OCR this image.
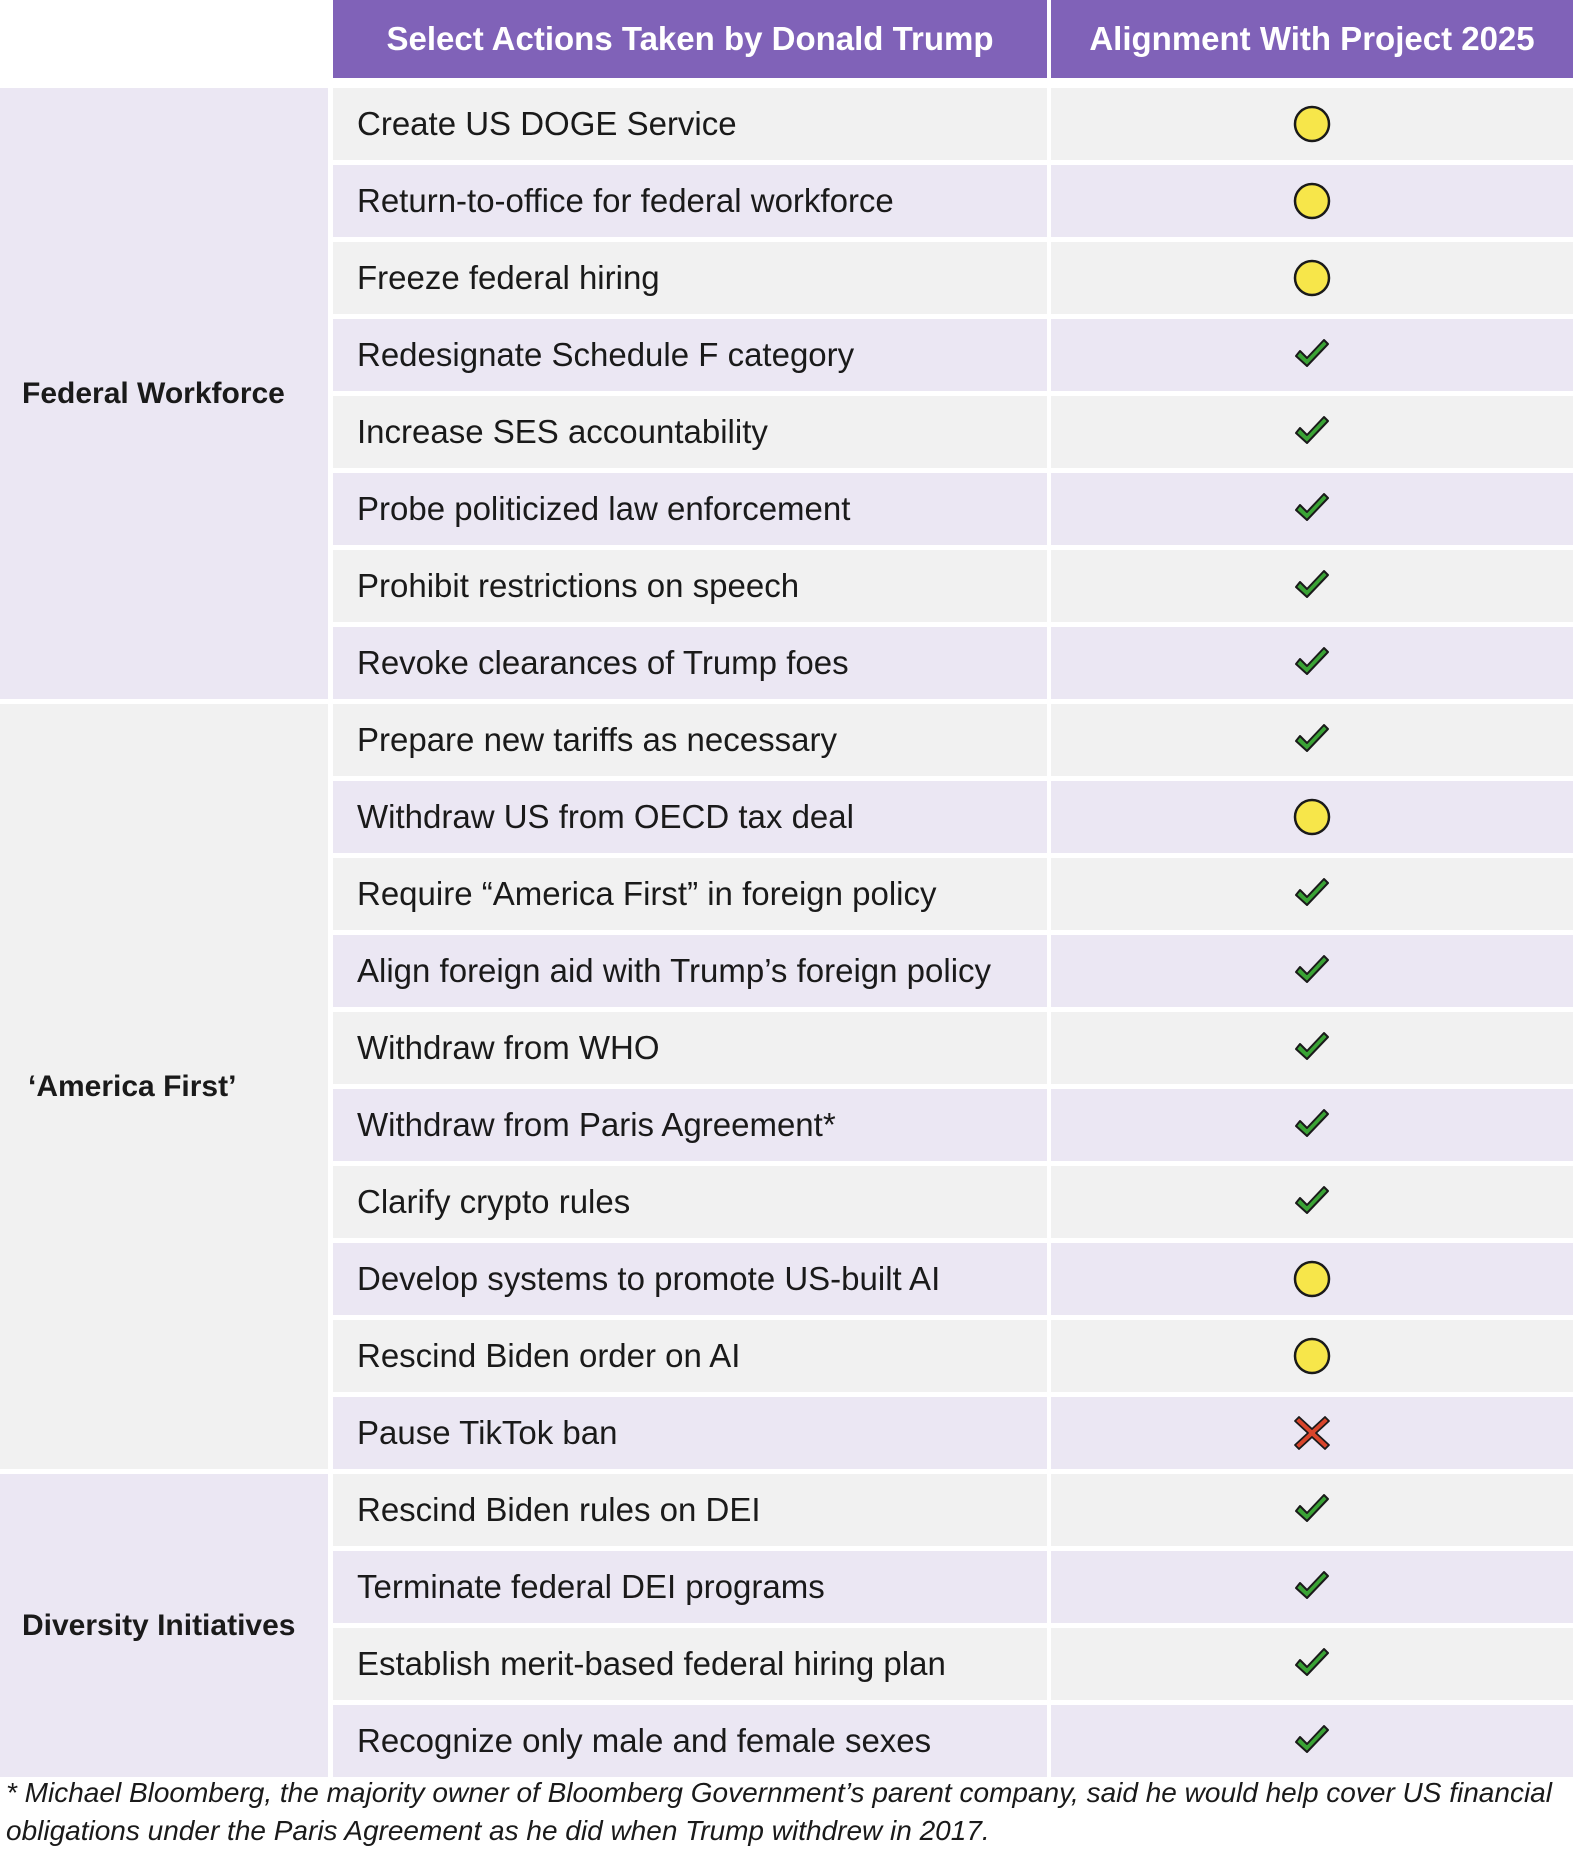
Select Actions Taken by Donald Trump	Alignment With Project 2025
Create US DOGE Service
Return-to-office for federal workforce
Freeze federal hiring
Redesignate Schedule F category
Increase SES accountability
Probe politicized law enforcement
Prohibit restrictions on speech
Revoke clearances of Trump foes
Federal Workforce
Prepare new tariffs as necessary
Withdraw US from OECD tax deal
Require “America First” in foreign policy
Align foreign aid with Trump’s foreign policy
Withdraw from WHO
Withdraw from Paris Agreement*
Clarify crypto rules
Develop systems to promote US-built AI
Rescind Biden order on AI
Pause TikTok ban
‘America First’
Rescind Biden rules on DEI
Terminate federal DEI programs
Establish merit-based federal hiring plan
Recognize only male and female sexes
Diversity Initiatives
* Michael Bloomberg, the majority owner of Bloomberg Government’s parent company, said he would help cover US financial obligations under the Paris Agreement as he did when Trump withdrew in 2017.
